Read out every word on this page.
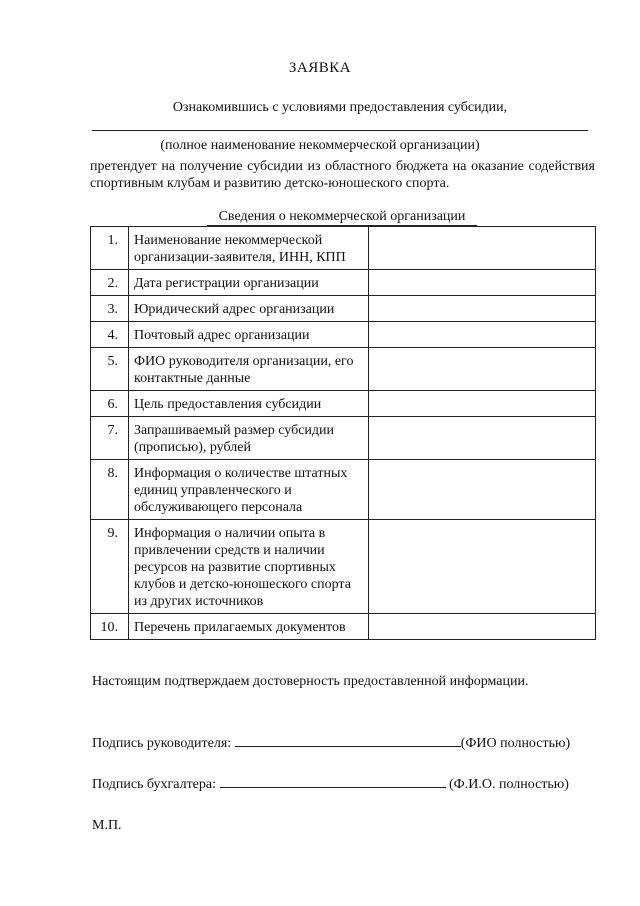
ЗАЯВКА
Ознакомившись с условиями предоставления субсидии,
(полное наименование некоммерческой организации)
претендует на получение субсидии из областного бюджета на оказание содействия спортивным клубам и развитию детско-юношеского спорта.
Сведения о некоммерческой организации
1.	Наименование некоммерческой организации-заявителя, ИНН, КПП	
2.	Дата регистрации организации	
3.	Юридический адрес организации	
4.	Почтовый адрес организации	
5.	ФИО руководителя организации, его контактные данные	
6.	Цель предоставления субсидии	
7.	Запрашиваемый размер субсидии (прописью), рублей	
8.	Информация о количестве штатных единиц управленческого и обслуживающего персонала	
9.	Информация о наличии опыта в привлечении средств и наличии ресурсов на развитие спортивных клубов и детско-юношеского спорта из других источников	
10.	Перечень прилагаемых документов	
Настоящим подтверждаем достоверность предоставленной информации.
Подпись руководителя:	(ФИО полностью)
Подпись бухгалтера:	(Ф.И.О. полностью)
М.П.
